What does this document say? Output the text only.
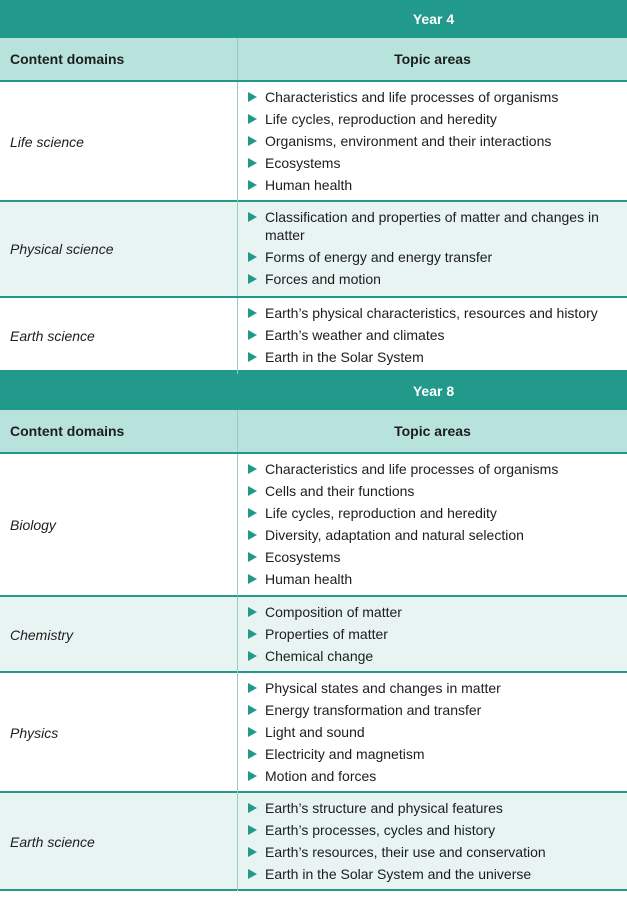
Year 4
Content domains	Topic areas
Life science
Characteristics and life processes of organisms
Life cycles, reproduction and heredity
Organisms, environment and their interactions
Ecosystems
Human health
Physical science
Classification and properties of matter and changes in matter
Forms of energy and energy transfer
Forces and motion
Earth science
Earth’s physical characteristics, resources and history
Earth’s weather and climates
Earth in the Solar System
Year 8
Content domains	Topic areas
Biology
Characteristics and life processes of organisms
Cells and their functions
Life cycles, reproduction and heredity
Diversity, adaptation and natural selection
Ecosystems
Human health
Chemistry
Composition of matter
Properties of matter
Chemical change
Physics
Physical states and changes in matter
Energy transformation and transfer
Light and sound
Electricity and magnetism
Motion and forces
Earth science
Earth’s structure and physical features
Earth’s processes, cycles and history
Earth’s resources, their use and conservation
Earth in the Solar System and the universe
